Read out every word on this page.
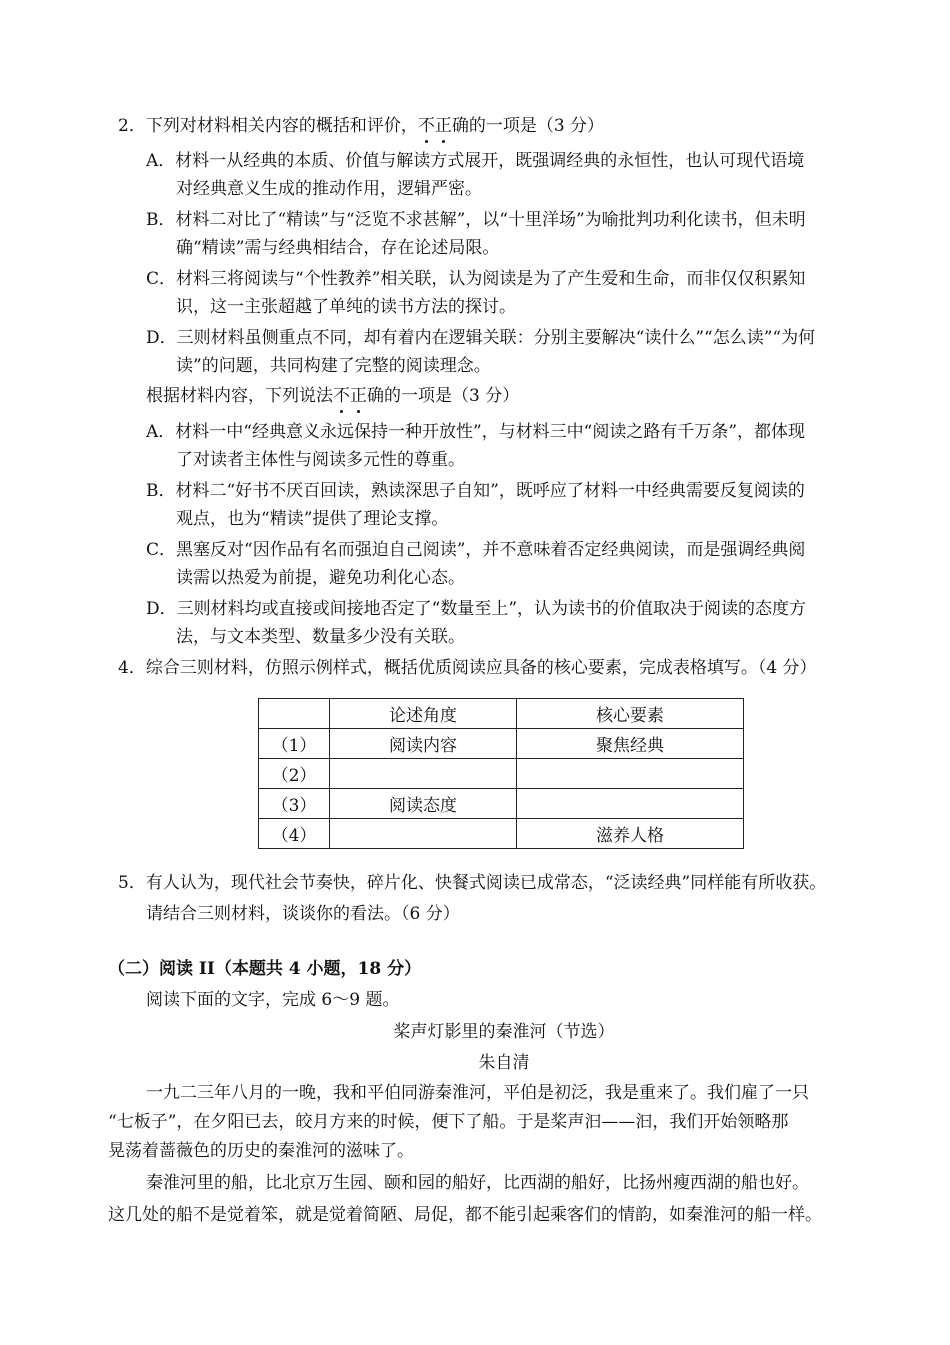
2．下列对材料相关内容的概括和评价，不正确的一项是（3 分）
A．材料一从经典的本质、价值与解读方式展开，既强调经典的永恒性，也认可现代语境
对经典意义生成的推动作用，逻辑严密。
B．材料二对比了“精读”与“泛览不求甚解”，以“十里洋场”为喻批判功利化读书，但未明
确“精读”需与经典相结合，存在论述局限。
C．材料三将阅读与“个性教养”相关联，认为阅读是为了产生爱和生命，而非仅仅积累知
识，这一主张超越了单纯的读书方法的探讨。
D．三则材料虽侧重点不同，却有着内在逻辑关联：分别主要解决“读什么”“怎么读”“为何
读”的问题，共同构建了完整的阅读理念。
根据材料内容，下列说法不正确的一项是（3 分）
A．材料一中“经典意义永远保持一种开放性”，与材料三中“阅读之路有千万条”，都体现
了对读者主体性与阅读多元性的尊重。
B．材料二“好书不厌百回读，熟读深思子自知”，既呼应了材料一中经典需要反复阅读的
观点，也为“精读”提供了理论支撑。
C．黑塞反对“因作品有名而强迫自己阅读”，并不意味着否定经典阅读，而是强调经典阅
读需以热爱为前提，避免功利化心态。
D．三则材料均或直接或间接地否定了“数量至上”，认为读书的价值取决于阅读的态度方
法，与文本类型、数量多少没有关联。
4．综合三则材料，仿照示例样式，概括优质阅读应具备的核心要素，完成表格填写。（4 分）
	论述角度	核心要素
（1）	阅读内容	聚焦经典
（2）		
（3）	阅读态度	
（4）		滋养人格
5．有人认为，现代社会节奏快，碎片化、快餐式阅读已成常态，“泛读经典”同样能有所收获。
请结合三则材料，谈谈你的看法。（6 分）
（二）阅读 II（本题共 4 小题，18 分）
阅读下面的文字，完成 6～9 题。
桨声灯影里的秦淮河（节选）
朱自清
一九二三年八月的一晚，我和平伯同游秦淮河，平伯是初泛，我是重来了。我们雇了一只
“七板子”，在夕阳已去，皎月方来的时候，便下了船。于是桨声汩——汩，我们开始领略那
晃荡着蔷薇色的历史的秦淮河的滋味了。
秦淮河里的船，比北京万生园、颐和园的船好，比西湖的船好，比扬州瘦西湖的船也好。
这几处的船不是觉着笨，就是觉着简陋、局促，都不能引起乘客们的情韵，如秦淮河的船一样。
